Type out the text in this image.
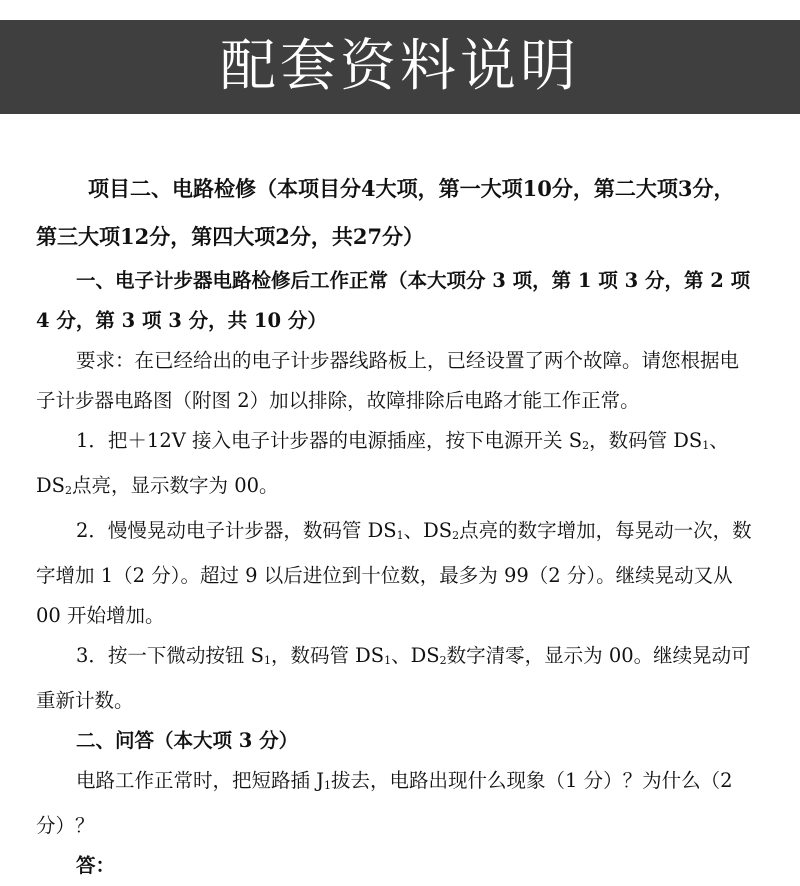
配套资料说明

项目二、电路检修（本项目分4大项，第一大项10分，第二大项3分，第三大项12分，第四大项2分，共27分）

一、电子计步器电路检修后工作正常（本大项分 3 项，第 1 项 3 分，第 2 项 4 分，第 3 项 3 分，共 10 分）

要求：在已经给出的电子计步器线路板上，已经设置了两个故障。请您根据电子计步器电路图（附图 2）加以排除，故障排除后电路才能工作正常。

1．把＋12V 接入电子计步器的电源插座，按下电源开关 $S_2$，数码管 $DS_1$、$DS_2$点亮，显示数字为 00。

2．慢慢晃动电子计步器，数码管 $DS_1$、$DS_2$点亮的数字增加，每晃动一次，数字增加 1（2 分）。超过 9 以后进位到十位数，最多为 99（2 分）。继续晃动又从 00 开始增加。

3．按一下微动按钮 $S_1$，数码管 $DS_1$、$DS_2$数字清零，显示为 00。继续晃动可重新计数。

二、问答（本大项 3 分）

电路工作正常时，把短路插 $J_1$拔去，电路出现什么现象（1 分）？为什么（2 分）？

答：
